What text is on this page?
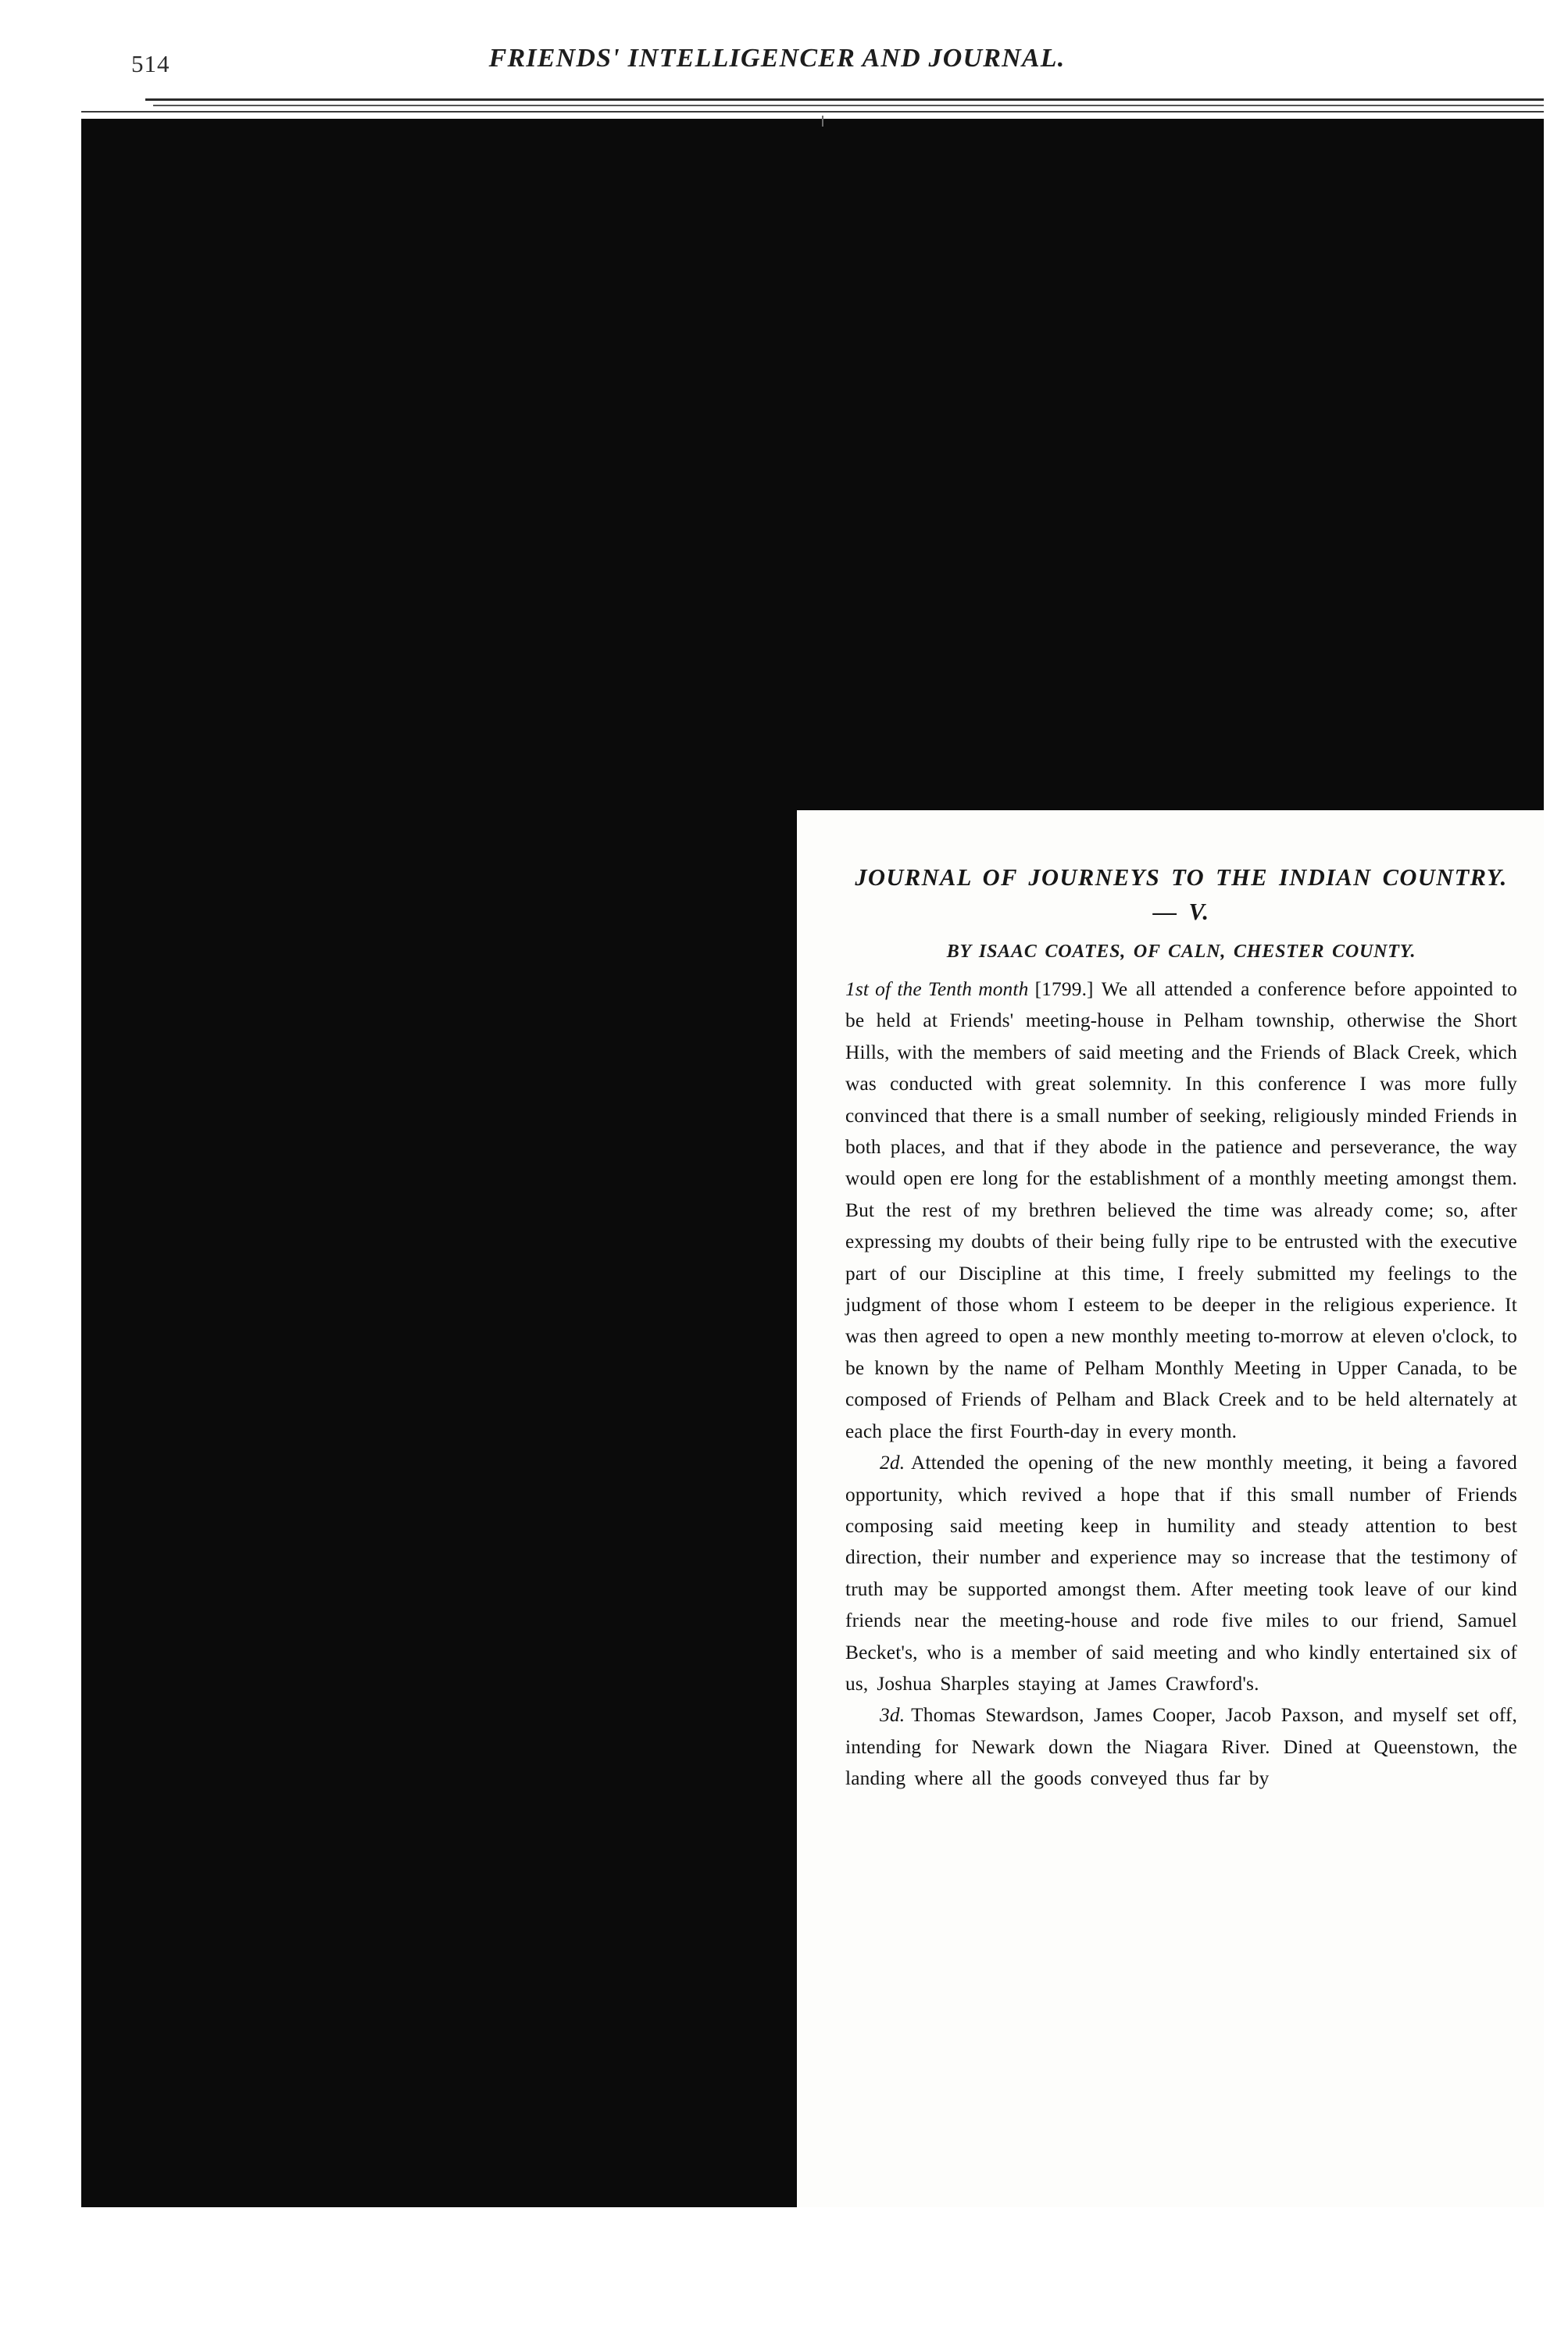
514	FRIENDS' INTELLIGENCER AND JOURNAL.
JOURNAL OF JOURNEYS TO THE INDIAN COUNTRY.— V.
BY ISAAC COATES, OF CALN, CHESTER COUNTY.

1st of the Tenth month [1799.] We all attended a conference before appointed to be held at Friends' meeting-house in Pelham township, otherwise the Short Hills, with the members of said meeting and the Friends of Black Creek, which was conducted with great solemnity. In this conference I was more fully convinced that there is a small number of seeking, religiously minded Friends in both places, and that if they abode in the patience and perseverance, the way would open ere long for the establishment of a monthly meeting amongst them. But the rest of my brethren believed the time was already come; so, after expressing my doubts of their being fully ripe to be entrusted with the executive part of our Discipline at this time, I freely submitted my feelings to the judgment of those whom I esteem to be deeper in the religious experience. It was then agreed to open a new monthly meeting to-morrow at eleven o'clock, to be known by the name of Pelham Monthly Meeting in Upper Canada, to be composed of Friends of Pelham and Black Creek and to be held alternately at each place the first Fourth-day in every month.

2d. Attended the opening of the new monthly meeting, it being a favored opportunity, which revived a hope that if this small number of Friends composing said meeting keep in humility and steady attention to best direction, their number and experience may so increase that the testimony of truth may be supported amongst them. After meeting took leave of our kind friends near the meeting-house and rode five miles to our friend, Samuel Becket's, who is a member of said meeting and who kindly entertained six of us, Joshua Sharples staying at James Crawford's.

3d. Thomas Stewardson, James Cooper, Jacob Paxson, and myself set off, intending for Newark down the Niagara River. Dined at Queenstown, the landing where all the goods conveyed thus far by
